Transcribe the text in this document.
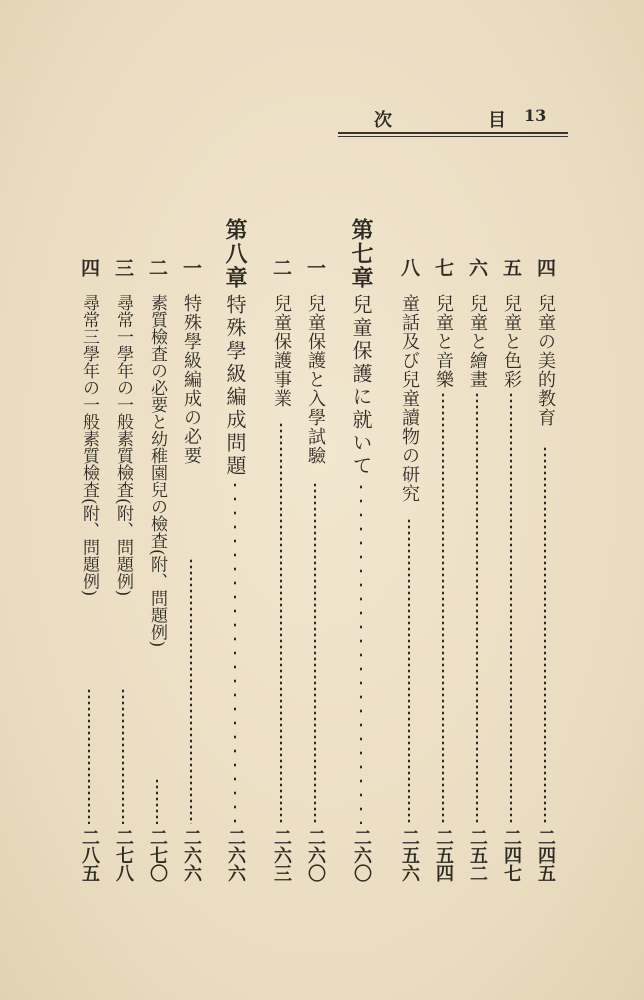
次	目 13
四
兒童の美的教育
二四五
五
兒童と色彩
二四七
六
兒童と繪畫
二五二
七
兒童と音樂
二五四
八
童話及び兒童讀物の研究
二五六
第七章
兒童保護に就いて
二六〇
一
兒童保護と入學試驗
二六〇
二
兒童保護事業
二六三
第八章
特殊學級編成問題
二六六
一
特殊學級編成の必要
二六六
二
素質檢査の必要と幼稚園兒の檢査(附、問題例)
二七〇
三
尋常一學年の一般素質檢査(附、問題例)
二七八
四
尋常三學年の一般素質檢査(附、問題例)
二八五
